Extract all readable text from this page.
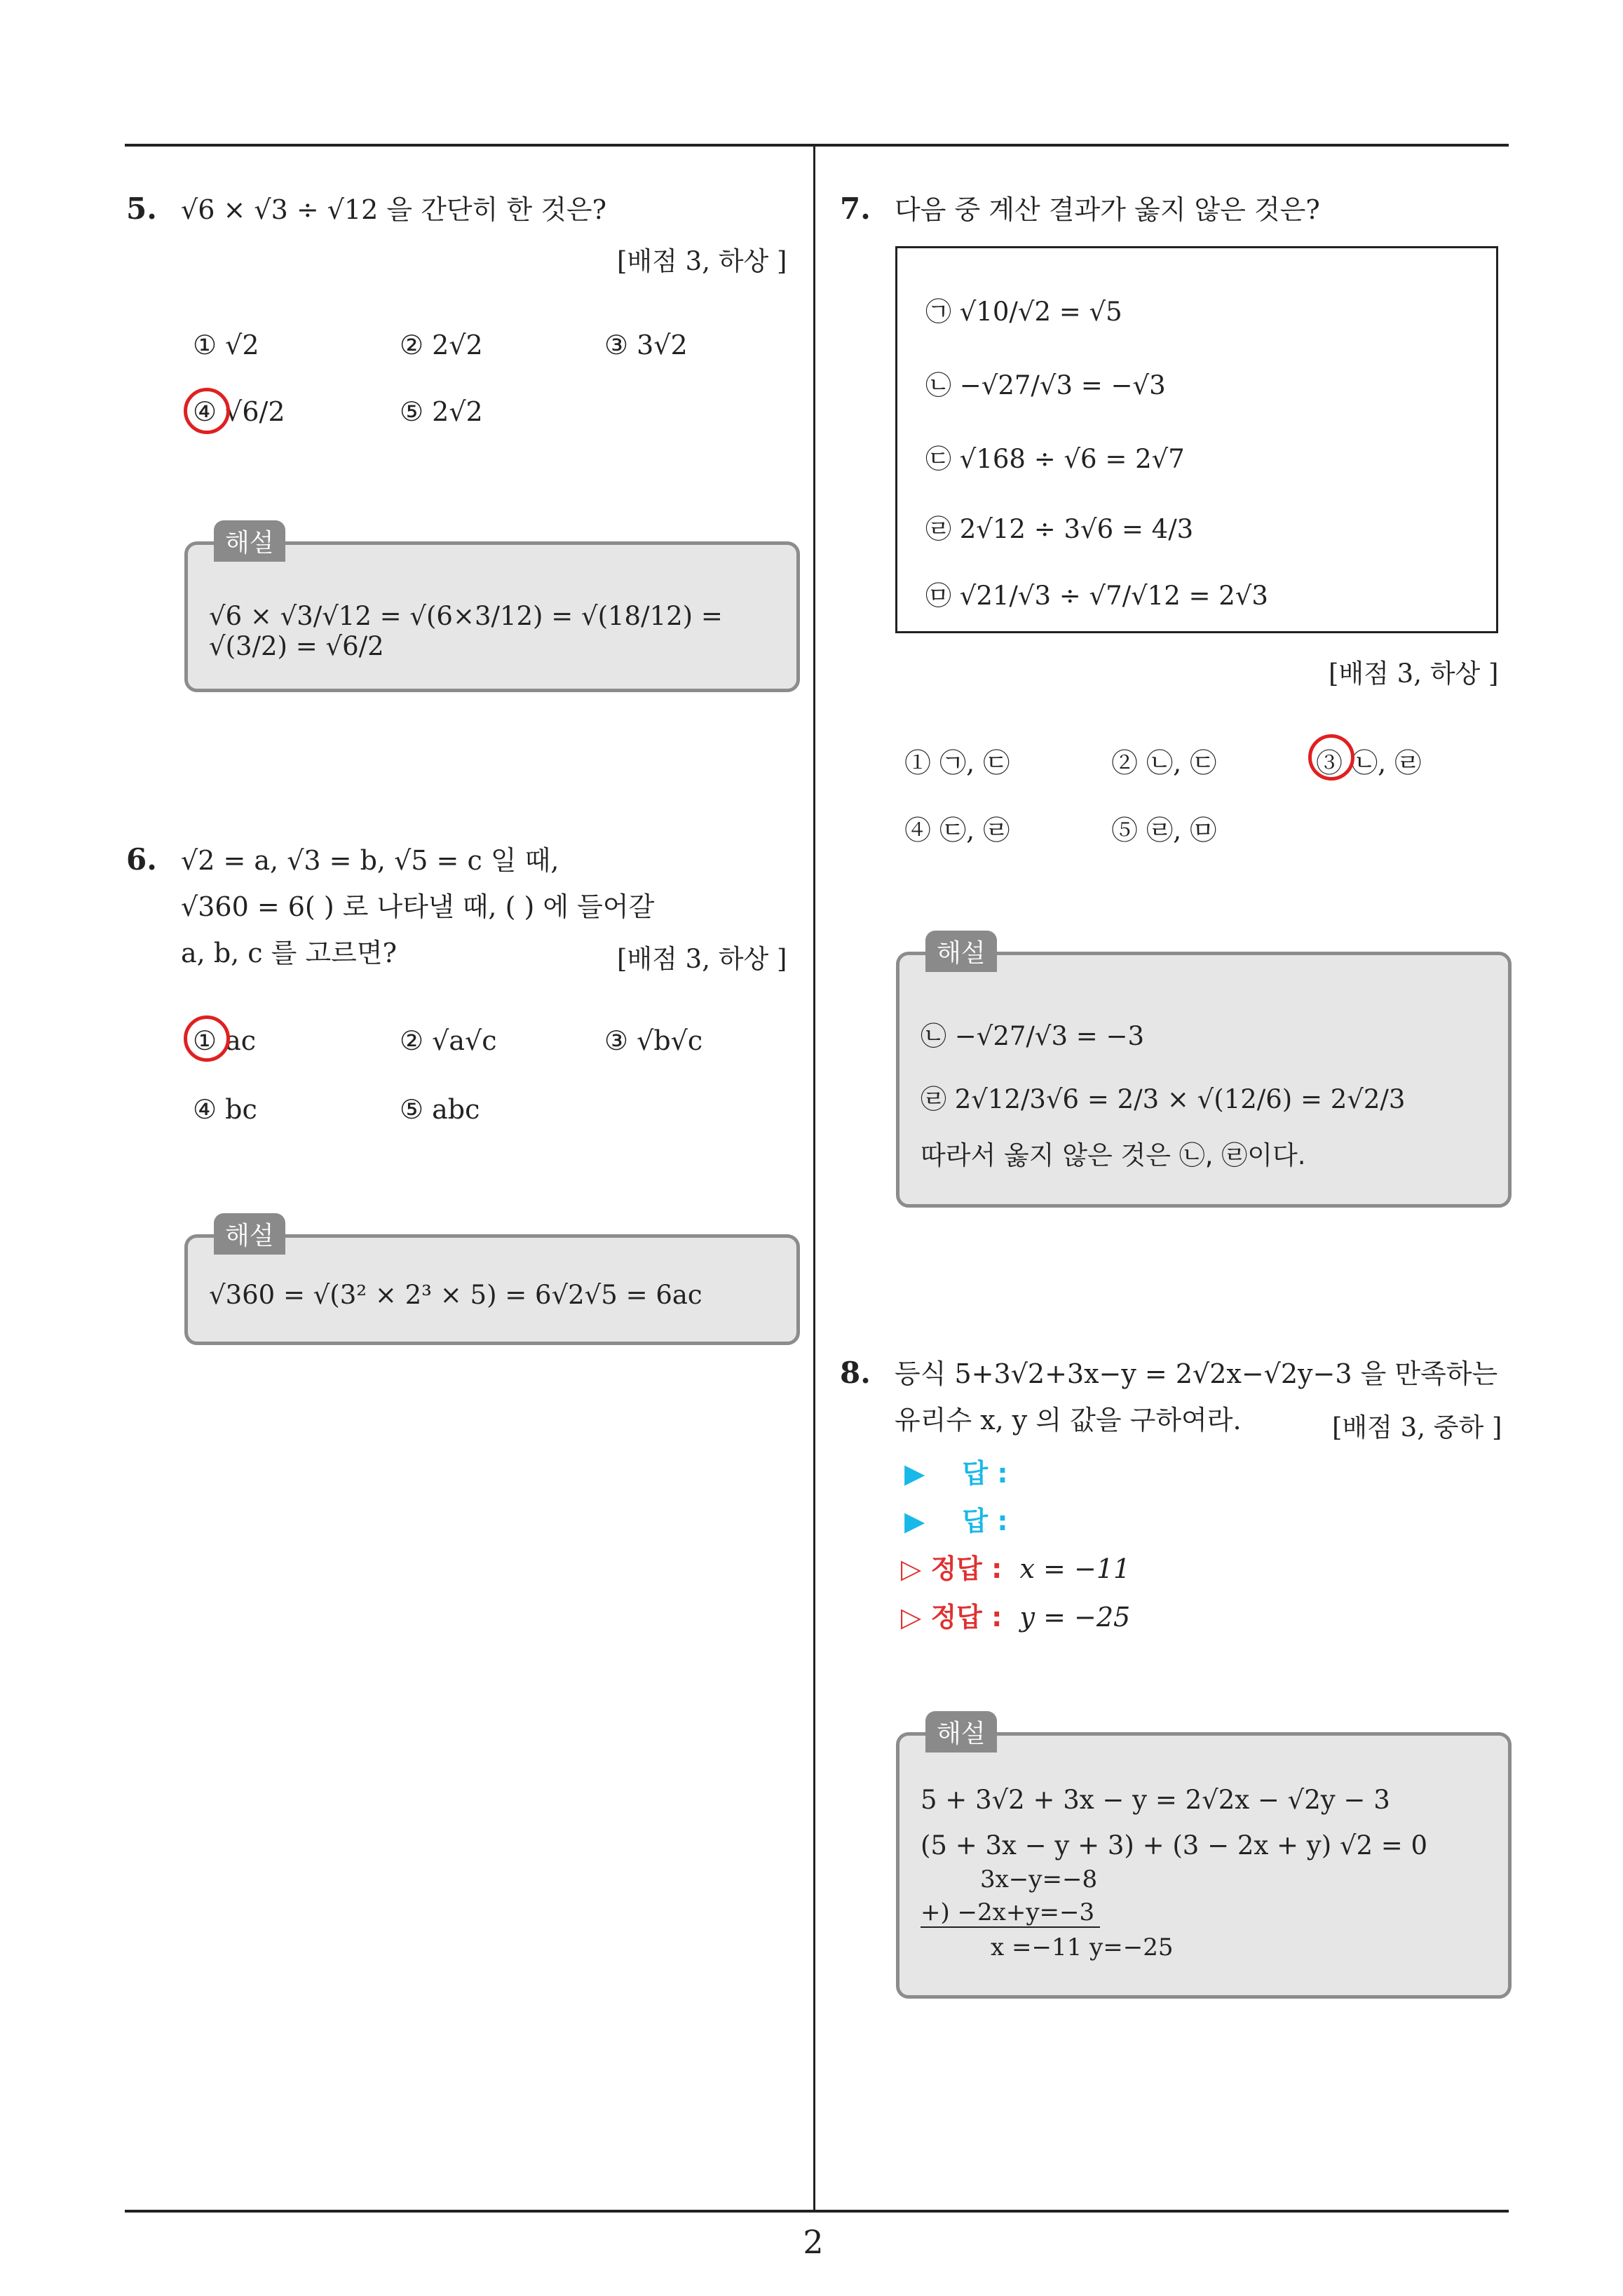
2
5. √6 × √3 ÷ √12 을 간단히 한 것은?
[배점 3, 하상 ]
① √2	② 2√2	③ 3√2
④ √6/2	⑤ 2√2
√6 × √3/√12 = √(6×3/12) = √(18/12) = √(3/2) = √6/2
해설
6. √2 = a, √3 = b, √5 = c 일 때,
√360 = 6( ) 로 나타낼 때, ( ) 에 들어갈
a, b, c 를 고르면?	[배점 3, 하상 ]
① ac	② √a√c	③ √b√c
④ bc	⑤ abc
√360 = √(3² × 2³ × 5) = 6√2√5 = 6ac
해설
7. 다음 중 계산 결과가 옳지 않은 것은?
㉠ √10/√2 = √5
㉡ −√27/√3 = −√3
㉢ √168 ÷ √6 = 2√7
㉣ 2√12 ÷ 3√6 = 4/3
㉤ √21/√3 ÷ √7/√12 = 2√3
[배점 3, 하상 ]
① ㉠, ㉢	② ㉡, ㉢	③ ㉡, ㉣
④ ㉢, ㉣	⑤ ㉣, ㉤
㉡ −√27/√3 = −3
㉣ 2√12/3√6 = 2/3 × √(12/6) = 2√2/3
따라서 옳지 않은 것은 ㉡, ㉣이다.
해설
8. 등식 5+3√2+3x−y = 2√2x−√2y−3 을 만족하는
유리수 x, y 의 값을 구하여라.	[배점 3, 중하 ]
▶ 답 :
▶ 답 :
▷ 정답 : x = −11
▷ 정답 : y = −25
5 + 3√2 + 3x − y = 2√2x − √2y − 3
(5 + 3x − y + 3) + (3 − 2x + y) √2 = 0
3x−y=−8
+) −2x+y=−3
x =−11 y=−25
해설
